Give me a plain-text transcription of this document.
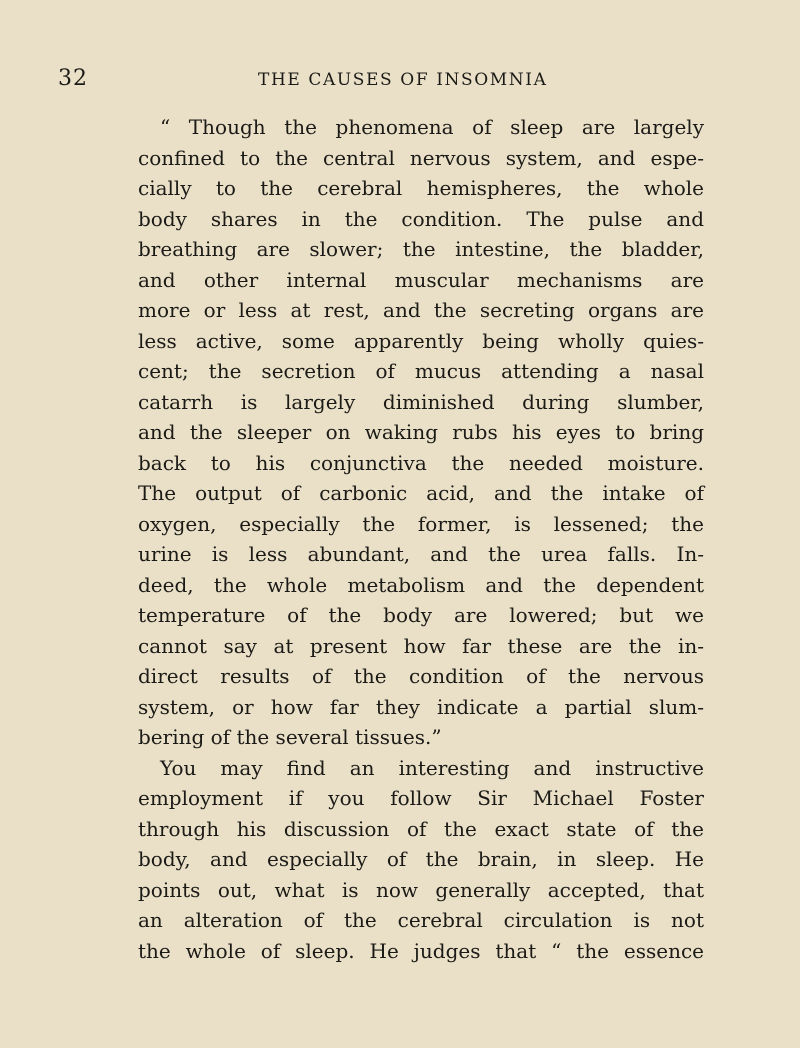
32	THE CAUSES OF INSOMNIA
“ Though the phenomena of sleep are largely
confined to the central nervous system, and espe-
cially to the cerebral hemispheres, the whole
body shares in the condition. The pulse and
breathing are slower; the intestine, the bladder,
and other internal muscular mechanisms are
more or less at rest, and the secreting organs are
less active, some apparently being wholly quies-
cent; the secretion of mucus attending a nasal
catarrh is largely diminished during slumber,
and the sleeper on waking rubs his eyes to bring
back to his conjunctiva the needed moisture.
The output of carbonic acid, and the intake of
oxygen, especially the former, is lessened; the
urine is less abundant, and the urea falls. In-
deed, the whole metabolism and the dependent
temperature of the body are lowered; but we
cannot say at present how far these are the in-
direct results of the condition of the nervous
system, or how far they indicate a partial slum-
bering of the several tissues.”
You may find an interesting and instructive
employment if you follow Sir Michael Foster
through his discussion of the exact state of the
body, and especially of the brain, in sleep. He
points out, what is now generally accepted, that
an alteration of the cerebral circulation is not
the whole of sleep. He judges that “ the essence
